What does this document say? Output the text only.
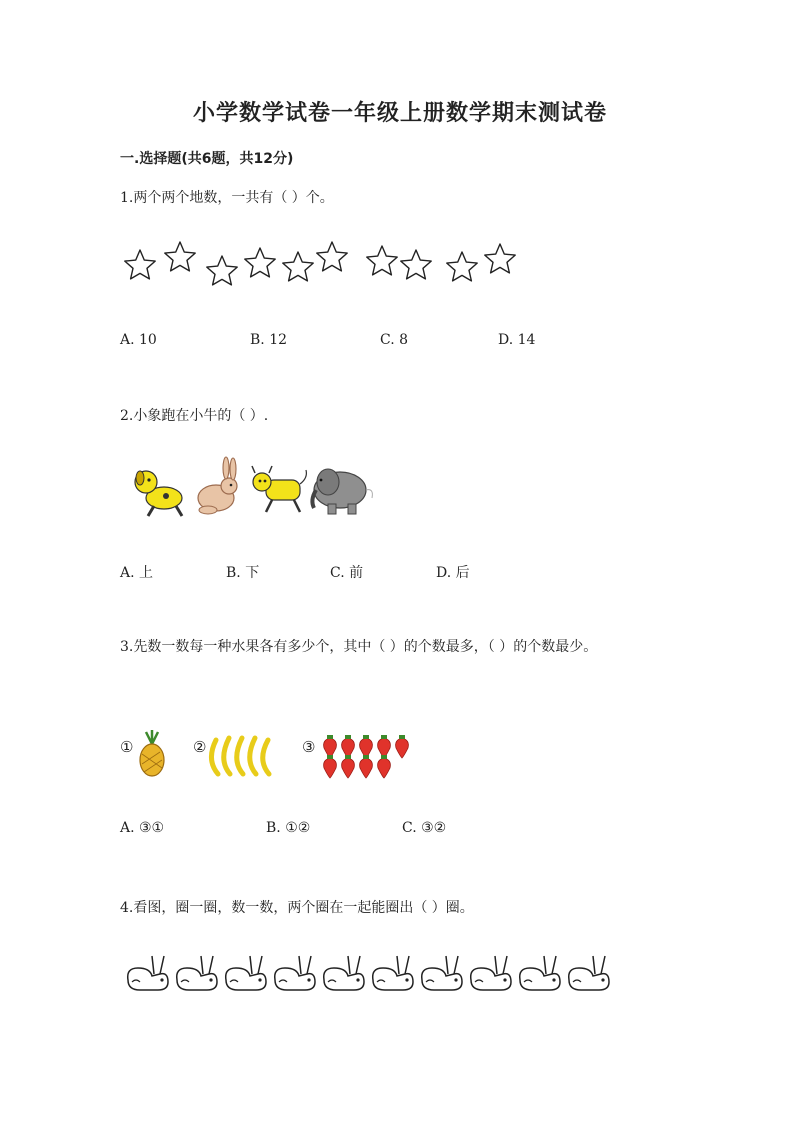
小学数学试卷一年级上册数学期末测试卷
一.选择题(共6题，共12分)
1.两个两个地数，一共有（ ）个。
A. 10	B. 12	C. 8	D. 14
2.小象跑在小牛的（ ）.
A. 上	B. 下	C. 前	D. 后
3.先数一数每一种水果各有多少个，其中（ ）的个数最多，（ ）的个数最少。
①	②	③
A. ③①	B. ①②	C. ③②
4.看图，圈一圈，数一数，两个圈在一起能圈出（ ）圈。
